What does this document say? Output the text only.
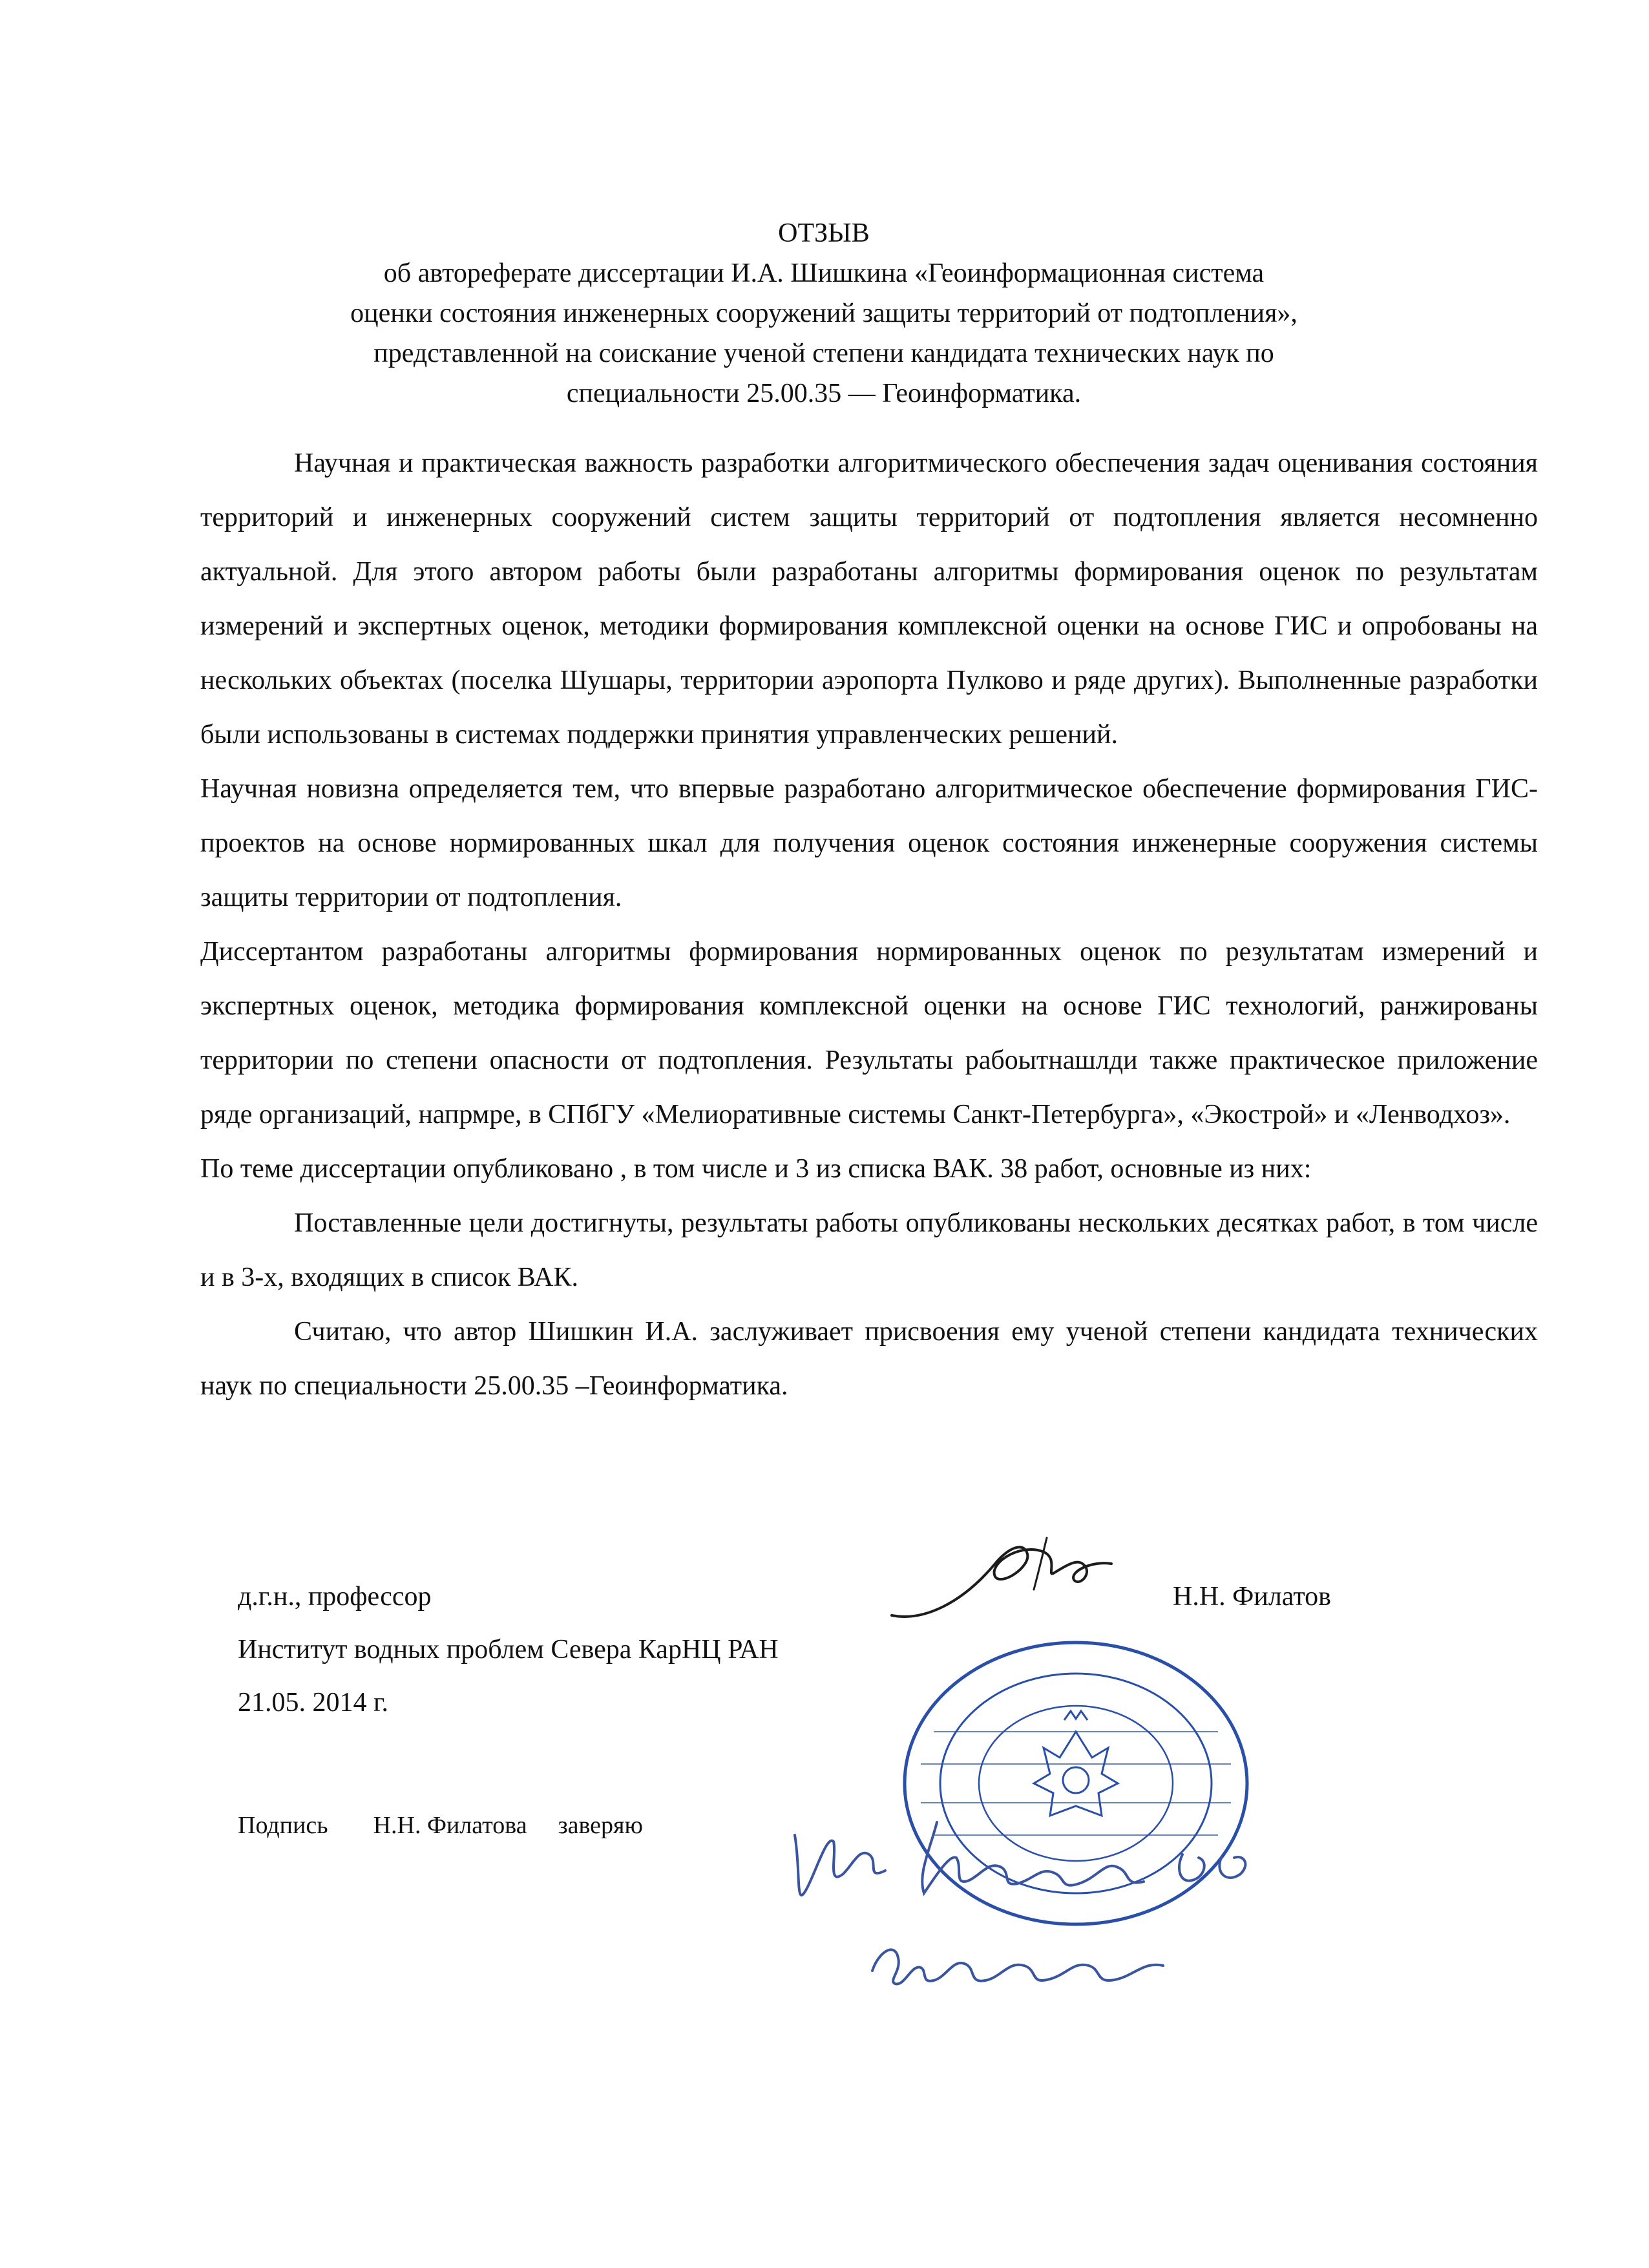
ОТЗЫВ
об автореферате диссертации И.А. Шишкина «Геоинформационная система
оценки состояния инженерных сооружений защиты территорий от подтопления»,
представленной на соискание ученой степени кандидата технических наук по
специальности 25.00.35 — Геоинформатика.

Научная и практическая важность разработки алгоритмического обеспечения задач оценивания состояния территорий и инженерных сооружений систем защиты территорий от подтопления является несомненно актуальной. Для этого автором работы были разработаны алгоритмы формирования оценок по результатам измерений и экспертных оценок, методики формирования комплексной оценки на основе ГИС и опробованы на нескольких объектах (поселка Шушары, территории аэропорта Пулково и ряде других). Выполненные разработки были использованы в системах поддержки принятия управленческих решений.

Научная новизна определяется тем, что впервые разработано алгоритмическое обеспечение формирования ГИС-проектов на основе нормированных шкал для получения оценок состояния инженерные сооружения системы защиты территории от подтопления.

Диссертантом разработаны алгоритмы формирования нормированных оценок по результатам измерений и экспертных оценок, методика формирования комплексной оценки на основе ГИС технологий, ранжированы территории по степени опасности от подтопления. Результаты рабоытнашлди также практическое приложение ряде организаций, напрмре, в СПбГУ «Мелиоративные системы Санкт-Петербурга», «Экострой» и «Ленводхоз».

По теме диссертации опубликовано , в том числе и 3 из списка ВАК. 38 работ, основные из них:

Поставленные цели достигнуты, результаты работы опубликованы нескольких десятках работ, в том числе и в 3-х, входящих в список ВАК.

Считаю, что автор Шишкин И.А. заслуживает присвоения ему ученой степени кандидата технических наук по специальности 25.00.35 –Геоинформатика.

д.г.н., профессор
Институт водных проблем Севера КарНЦ РАН
21.05. 2014 г.
Н.Н. Филатов
Подпись Н.Н. Филатова заверяю
